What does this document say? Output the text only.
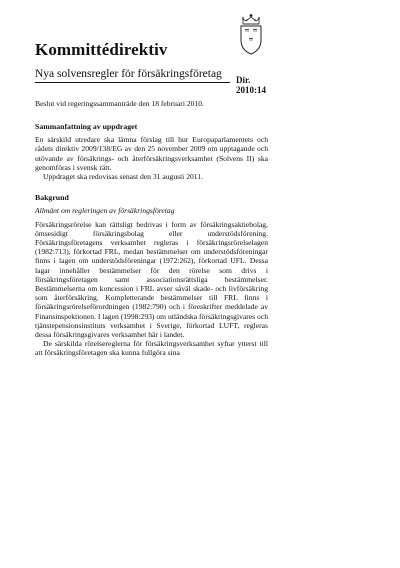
Kommittédirektiv
Nya solvensregler för försäkringsföretag Dir.
2010:14

Beslut vid regeringssammanträde den 18 februari 2010.

Sammanfattning av uppdraget

En särskild utredare ska lämna förslag till hur Europaparlamentets och rådets direktiv 2009/138/EG av den 25 november 2009 om upptagande och utövande av försäkrings- och återförsäkringsverksamhet (Solvens II) ska genomföras i svensk rätt.

Uppdraget ska redovisas senast den 31 augusti 2011.

Bakgrund
Allmänt om regleringen av försäkringsföretag

Försäkringsrörelse kan rättsligt bedrivas i form av försäkringsaktiebolag, ömsesidigt försäkringsbolag eller understödsförening. Försäkringsföretagens verksamhet regleras i försäkringsrörelselagen (1982:713), förkortad FRL, medan bestämmelser om understödsföreningar finns i lagen om understödsföreningar (1972:262), förkortad UFL. Dessa lagar innehåller bestämmelser för den rörelse som drivs i försäkringsföretagen samt associationsrättsliga bestämmelser. Bestämmelserna om koncession i FRL avser såväl skade- och livförsäkring som återförsäkring. Kompletterande bestämmelser till FRL finns i försäkringsrörelseförordningen (1982:790) och i föreskrifter meddelade av Finansinspektionen. I lagen (1998:293) om utländska försäkringsgivares och tjänstepensionsinstituts verksamhet i Sverige, förkortad LUFT, regleras dessa försäkringsgivares verksamhet här i landet.

De särskilda rörelsereglerna för försäkringsverksamhet syftar ytterst till att försäkringsföretagen ska kunna fullgöra sina
